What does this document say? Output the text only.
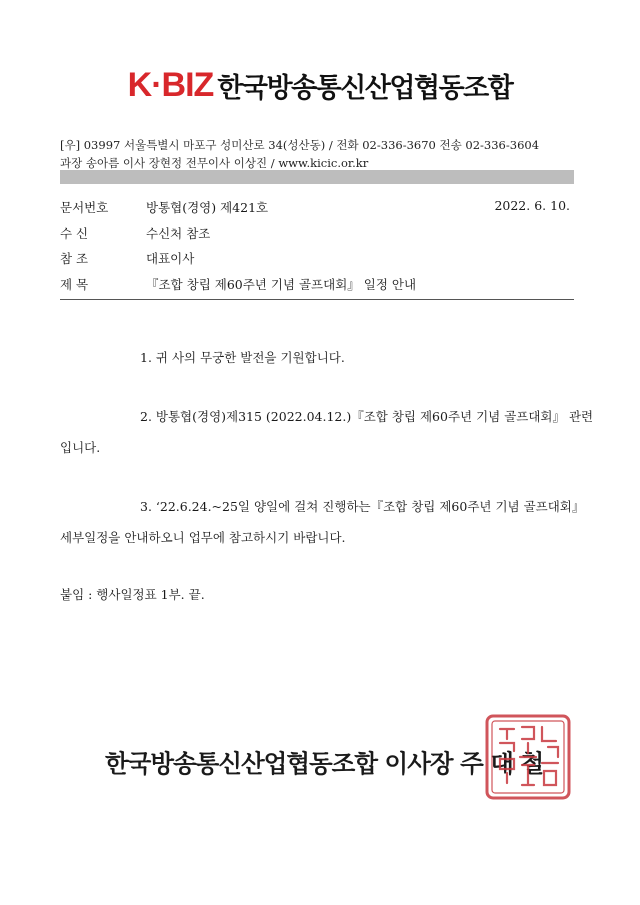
K·BIZ 한국방송통신산업협동조합
[우] 03997 서울특별시 마포구 성미산로 34(성산동) / 전화 02-336-3670 전송 02-336-3604
과장 송아름 이사 장현정 전무이사 이상진 / www.kicic.or.kr
문서번호	방통협(경영) 제421호	2022. 6. 10.
수 신	수신처 참조
참 조	대표이사
제 목	『조합 창립 제60주년 기념 골프대회』 일정 안내
1. 귀 사의 무궁한 발전을 기원합니다.
2. 방통협(경영)제315 (2022.04.12.)『조합 창립 제60주년 기념 골프대회』 관련
입니다.
3. ‘22.6.24.~25일 양일에 걸쳐 진행하는『조합 창립 제60주년 기념 골프대회』
세부일정을 안내하오니 업무에 참고하시기 바랍니다.
붙임 : 행사일정표 1부. 끝.
한국방송통신산업협동조합 이사장 주 대 철
